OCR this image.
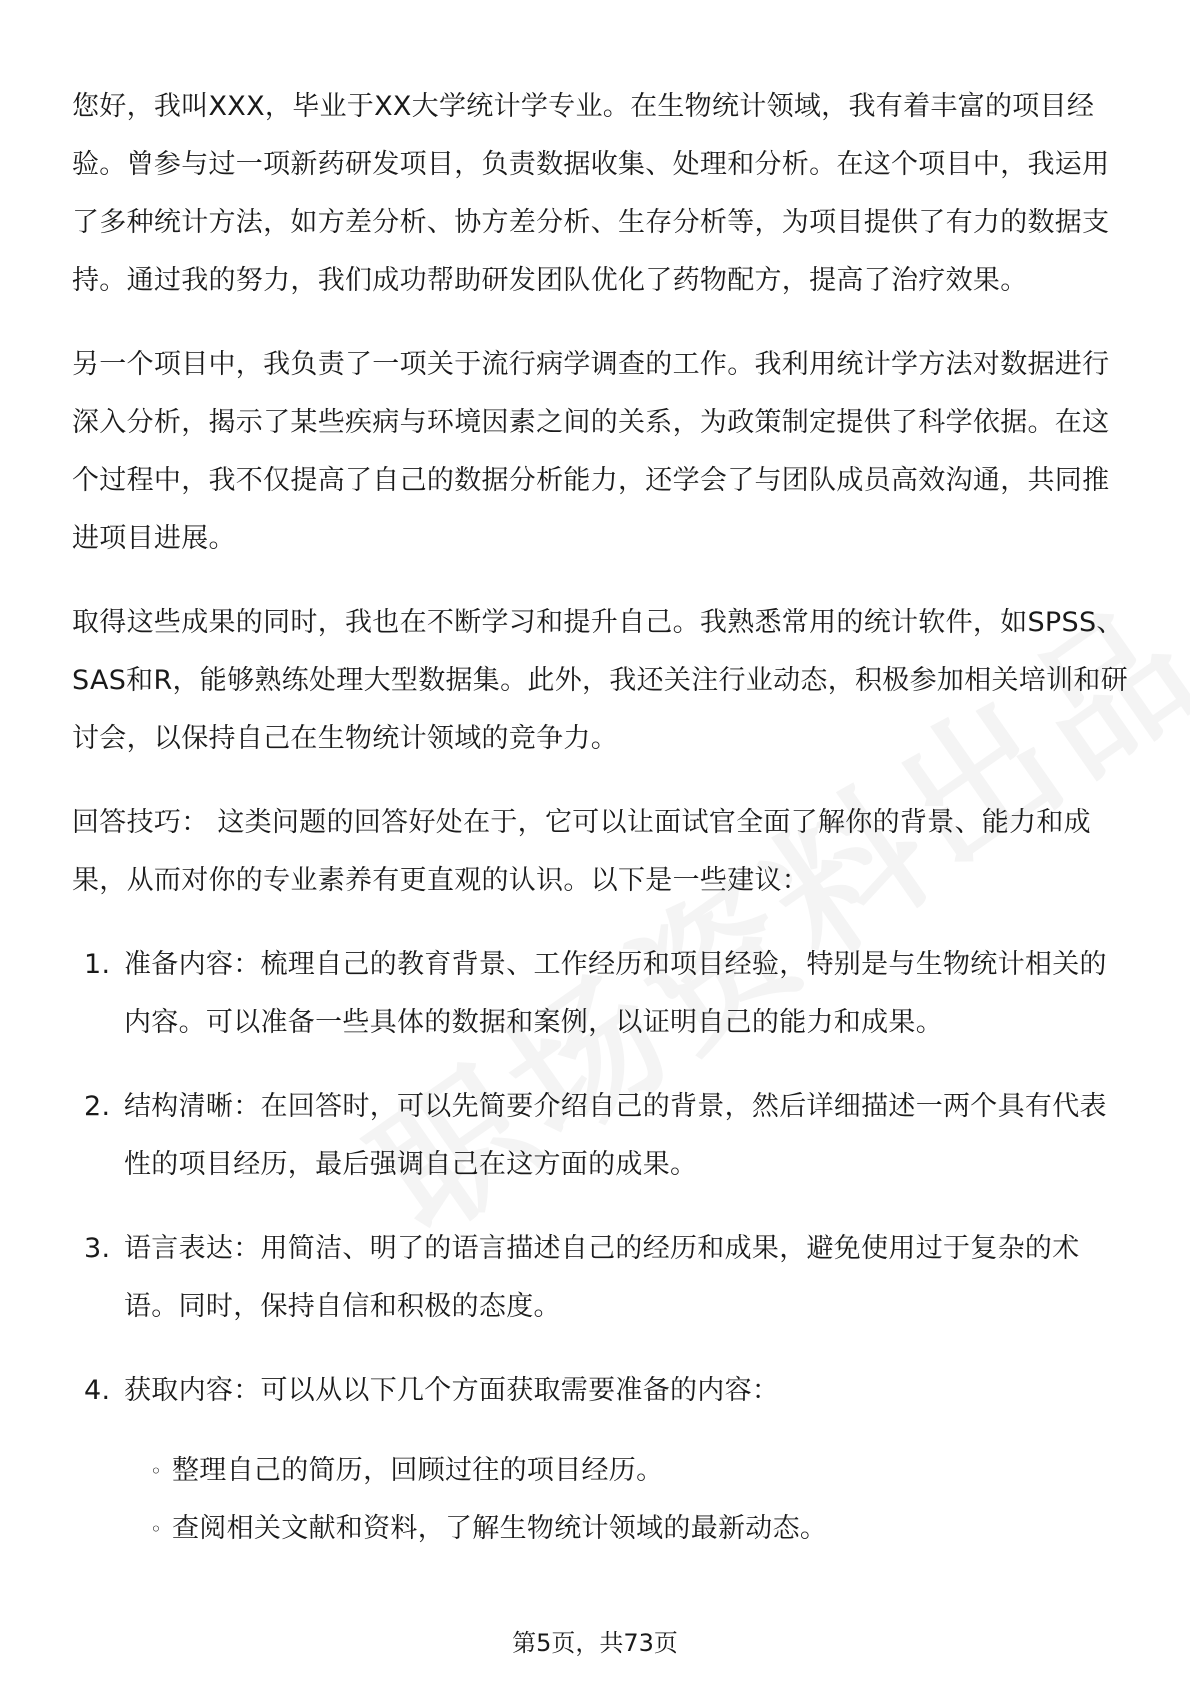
您好，我叫XXX，毕业于XX大学统计学专业。在生物统计领域，我有着丰富的项目经验。曾参与过一项新药研发项目，负责数据收集、处理和分析。在这个项目中，我运用了多种统计方法，如方差分析、协方差分析、生存分析等，为项目提供了有力的数据支持。通过我的努力，我们成功帮助研发团队优化了药物配方，提高了治疗效果。

另一个项目中，我负责了一项关于流行病学调查的工作。我利用统计学方法对数据进行深入分析，揭示了某些疾病与环境因素之间的关系，为政策制定提供了科学依据。在这个过程中，我不仅提高了自己的数据分析能力，还学会了与团队成员高效沟通，共同推进项目进展。

取得这些成果的同时，我也在不断学习和提升自己。我熟悉常用的统计软件，如SPSS、SAS和R，能够熟练处理大型数据集。此外，我还关注行业动态，积极参加相关培训和研讨会，以保持自己在生物统计领域的竞争力。

回答技巧： 这类问题的回答好处在于，它可以让面试官全面了解你的背景、能力和成果，从而对你的专业素养有更直观的认识。以下是一些建议：

1. 准备内容：梳理自己的教育背景、工作经历和项目经验，特别是与生物统计相关的内容。可以准备一些具体的数据和案例，以证明自己的能力和成果。
2. 结构清晰：在回答时，可以先简要介绍自己的背景，然后详细描述一两个具有代表性的项目经历，最后强调自己在这方面的成果。
3. 语言表达：用简洁、明了的语言描述自己的经历和成果，避免使用过于复杂的术语。同时，保持自信和积极的态度。
4. 获取内容：可以从以下几个方面获取需要准备的内容：
◦ 整理自己的简历，回顾过往的项目经历。
◦ 查阅相关文献和资料，了解生物统计领域的最新动态。
第5页，共73页
